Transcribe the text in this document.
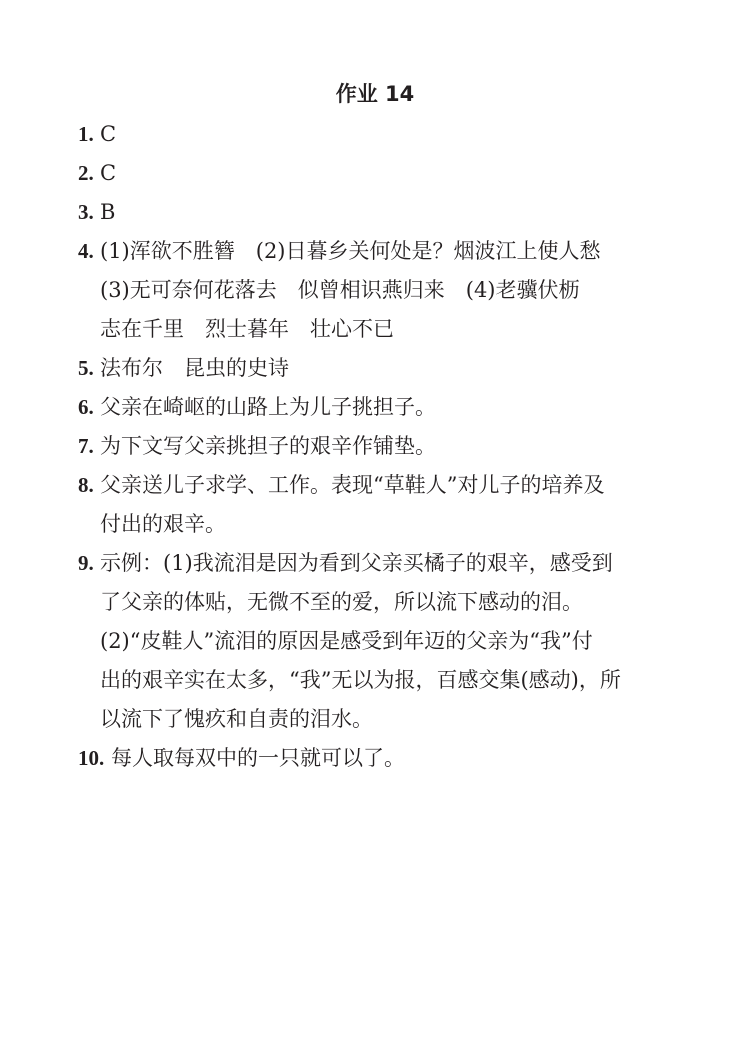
作业 14
1. C
2. C
3. B
4. (1)浑欲不胜簪　(2)日暮乡关何处是？烟波江上使人愁
(3)无可奈何花落去　似曾相识燕归来　(4)老骥伏枥
志在千里　烈士暮年　壮心不已
5. 法布尔　昆虫的史诗
6. 父亲在崎岖的山路上为儿子挑担子。
7. 为下文写父亲挑担子的艰辛作铺垫。
8. 父亲送儿子求学、工作。表现“草鞋人”对儿子的培养及
付出的艰辛。
9. 示例：(1)我流泪是因为看到父亲买橘子的艰辛，感受到
了父亲的体贴，无微不至的爱，所以流下感动的泪。
(2)“皮鞋人”流泪的原因是感受到年迈的父亲为“我”付
出的艰辛实在太多，“我”无以为报，百感交集(感动)，所
以流下了愧疚和自责的泪水。
10. 每人取每双中的一只就可以了。
